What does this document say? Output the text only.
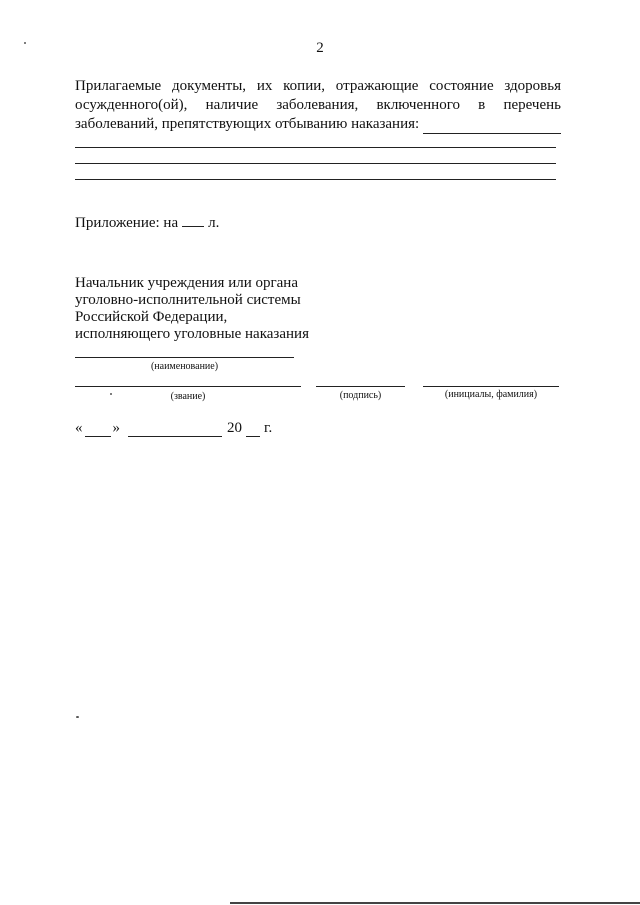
2
Прилагаемые документы, их копии, отражающие состояние здоровья
осужденного(ой), наличие заболевания, включенного в перечень
заболеваний, препятствующих отбыванию наказания:
Приложение: на л.
Начальник учреждения или органа
уголовно-исполнительной системы
Российской Федерации,
исполняющего уголовные наказания
(наименование)
(звание)	(подпись)	(инициалы, фамилия)
« »	20 г.
